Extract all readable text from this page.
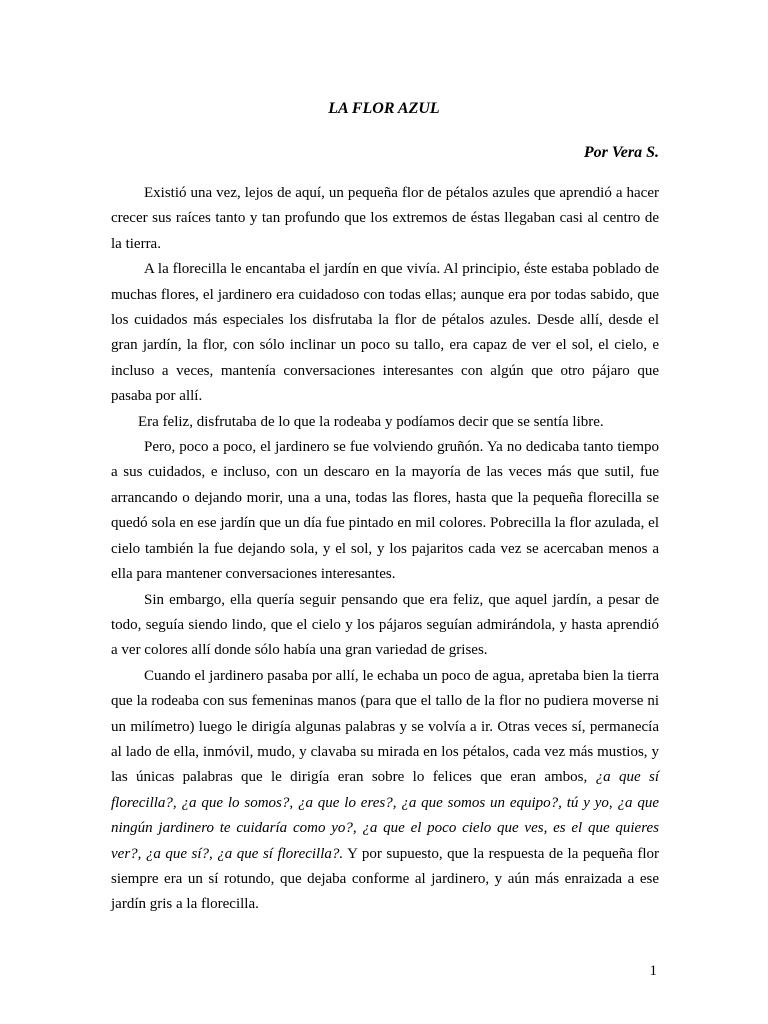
LA FLOR AZUL

Por Vera S.

Existió una vez, lejos de aquí, un pequeña flor de pétalos azules que aprendió a hacer crecer sus raíces tanto y tan profundo que los extremos de éstas llegaban casi al centro de la tierra.

A la florecilla le encantaba el jardín en que vivía. Al principio, éste estaba poblado de muchas flores, el jardinero era cuidadoso con todas ellas; aunque era por todas sabido, que los cuidados más especiales los disfrutaba la flor de pétalos azules. Desde allí, desde el gran jardín, la flor, con sólo inclinar un poco su tallo, era capaz de ver el sol, el cielo, e incluso a veces, mantenía conversaciones interesantes con algún que otro pájaro que pasaba por allí.

Era feliz, disfrutaba de lo que la rodeaba y podíamos decir que se sentía libre.

Pero, poco a poco, el jardinero se fue volviendo gruñón. Ya no dedicaba tanto tiempo a sus cuidados, e incluso, con un descaro en la mayoría de las veces más que sutil, fue arrancando o dejando morir, una a una, todas las flores, hasta que la pequeña florecilla se quedó sola en ese jardín que un día fue pintado en mil colores. Pobrecilla la flor azulada, el cielo también la fue dejando sola, y el sol, y los pajaritos cada vez se acercaban menos a ella para mantener conversaciones interesantes.

Sin embargo, ella quería seguir pensando que era feliz, que aquel jardín, a pesar de todo, seguía siendo lindo, que el cielo y los pájaros seguían admirándola, y hasta aprendió a ver colores allí donde sólo había una gran variedad de grises.

Cuando el jardinero pasaba por allí, le echaba un poco de agua, apretaba bien la tierra que la rodeaba con sus femeninas manos (para que el tallo de la flor no pudiera moverse ni un milímetro) luego le dirigía algunas palabras y se volvía a ir. Otras veces sí, permanecía al lado de ella, inmóvil, mudo, y clavaba su mirada en los pétalos, cada vez más mustios, y las únicas palabras que le dirigía eran sobre lo felices que eran ambos, ¿a que sí florecilla?, ¿a que lo somos?, ¿a que lo eres?, ¿a que somos un equipo?, tú y yo, ¿a que ningún jardinero te cuidaría como yo?, ¿a que el poco cielo que ves, es el que quieres ver?, ¿a que sí?, ¿a que sí florecilla?. Y por supuesto, que la respuesta de la pequeña flor siempre era un sí rotundo, que dejaba conforme al jardinero, y aún más enraizada a ese jardín gris a la florecilla.

1
